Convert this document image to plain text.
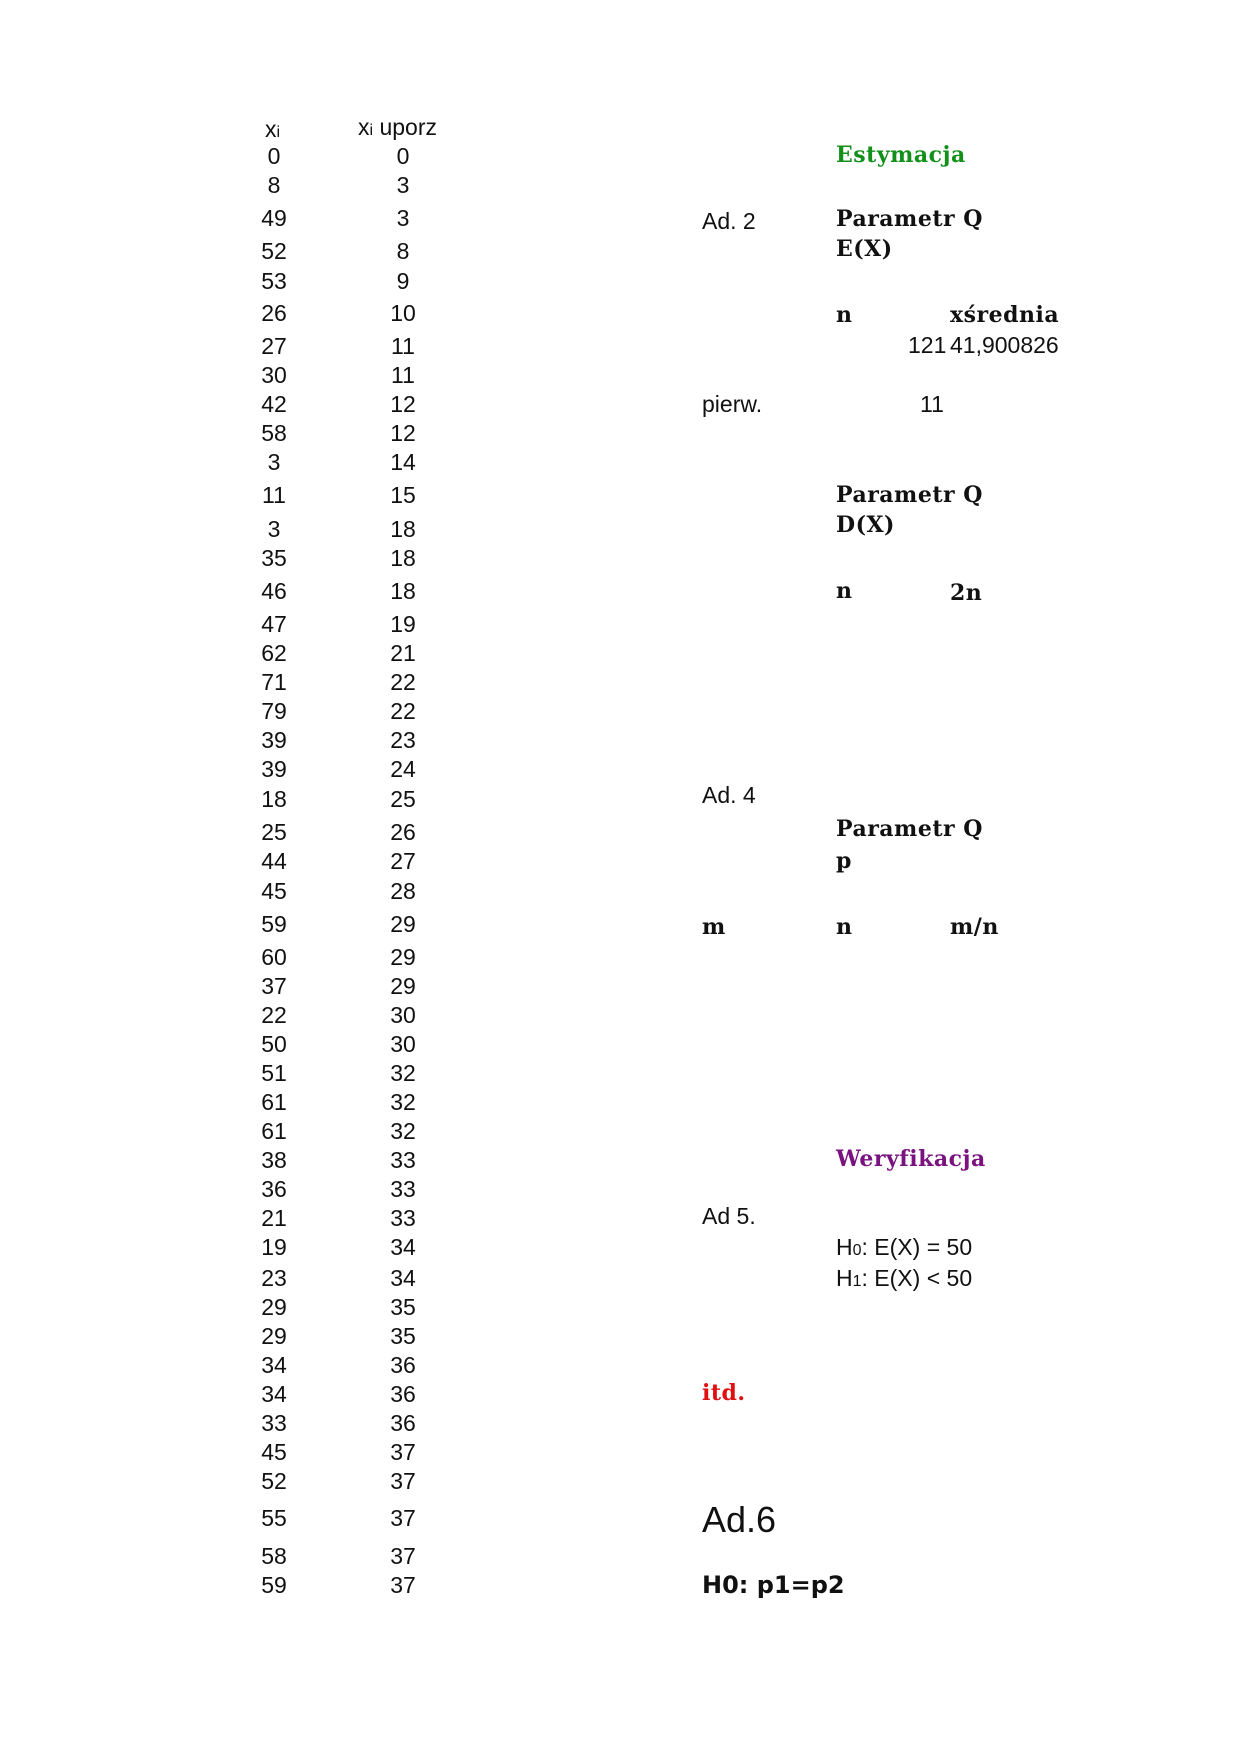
xi	xi uporz
0	0
8	3
49	3
52	8
53	9
26	10
27	11
30	11
42	12
58	12
3	14
11	15
3	18
35	18
46	18
47	19
62	21
71	22
79	22
39	23
39	24
18	25
25	26
44	27
45	28
59	29
60	29
37	29
22	30
50	30
51	32
61	32
61	32
38	33
36	33
21	33
19	34
23	34
29	35
29	35
34	36
34	36
33	36
45	37
52	37
55	37
58	37
59	37
Estymacja
Ad. 2	Parametr Q
E(X)
n	xśrednia
121 41,900826
pierw.	11
Parametr Q
D(X)
n	2n
Ad. 4
Parametr Q
p
m	n	m/n
Weryfikacja
Ad 5.
H0: E(X) = 50
H1: E(X) < 50
itd.
Ad.6
H0: p1=p2
